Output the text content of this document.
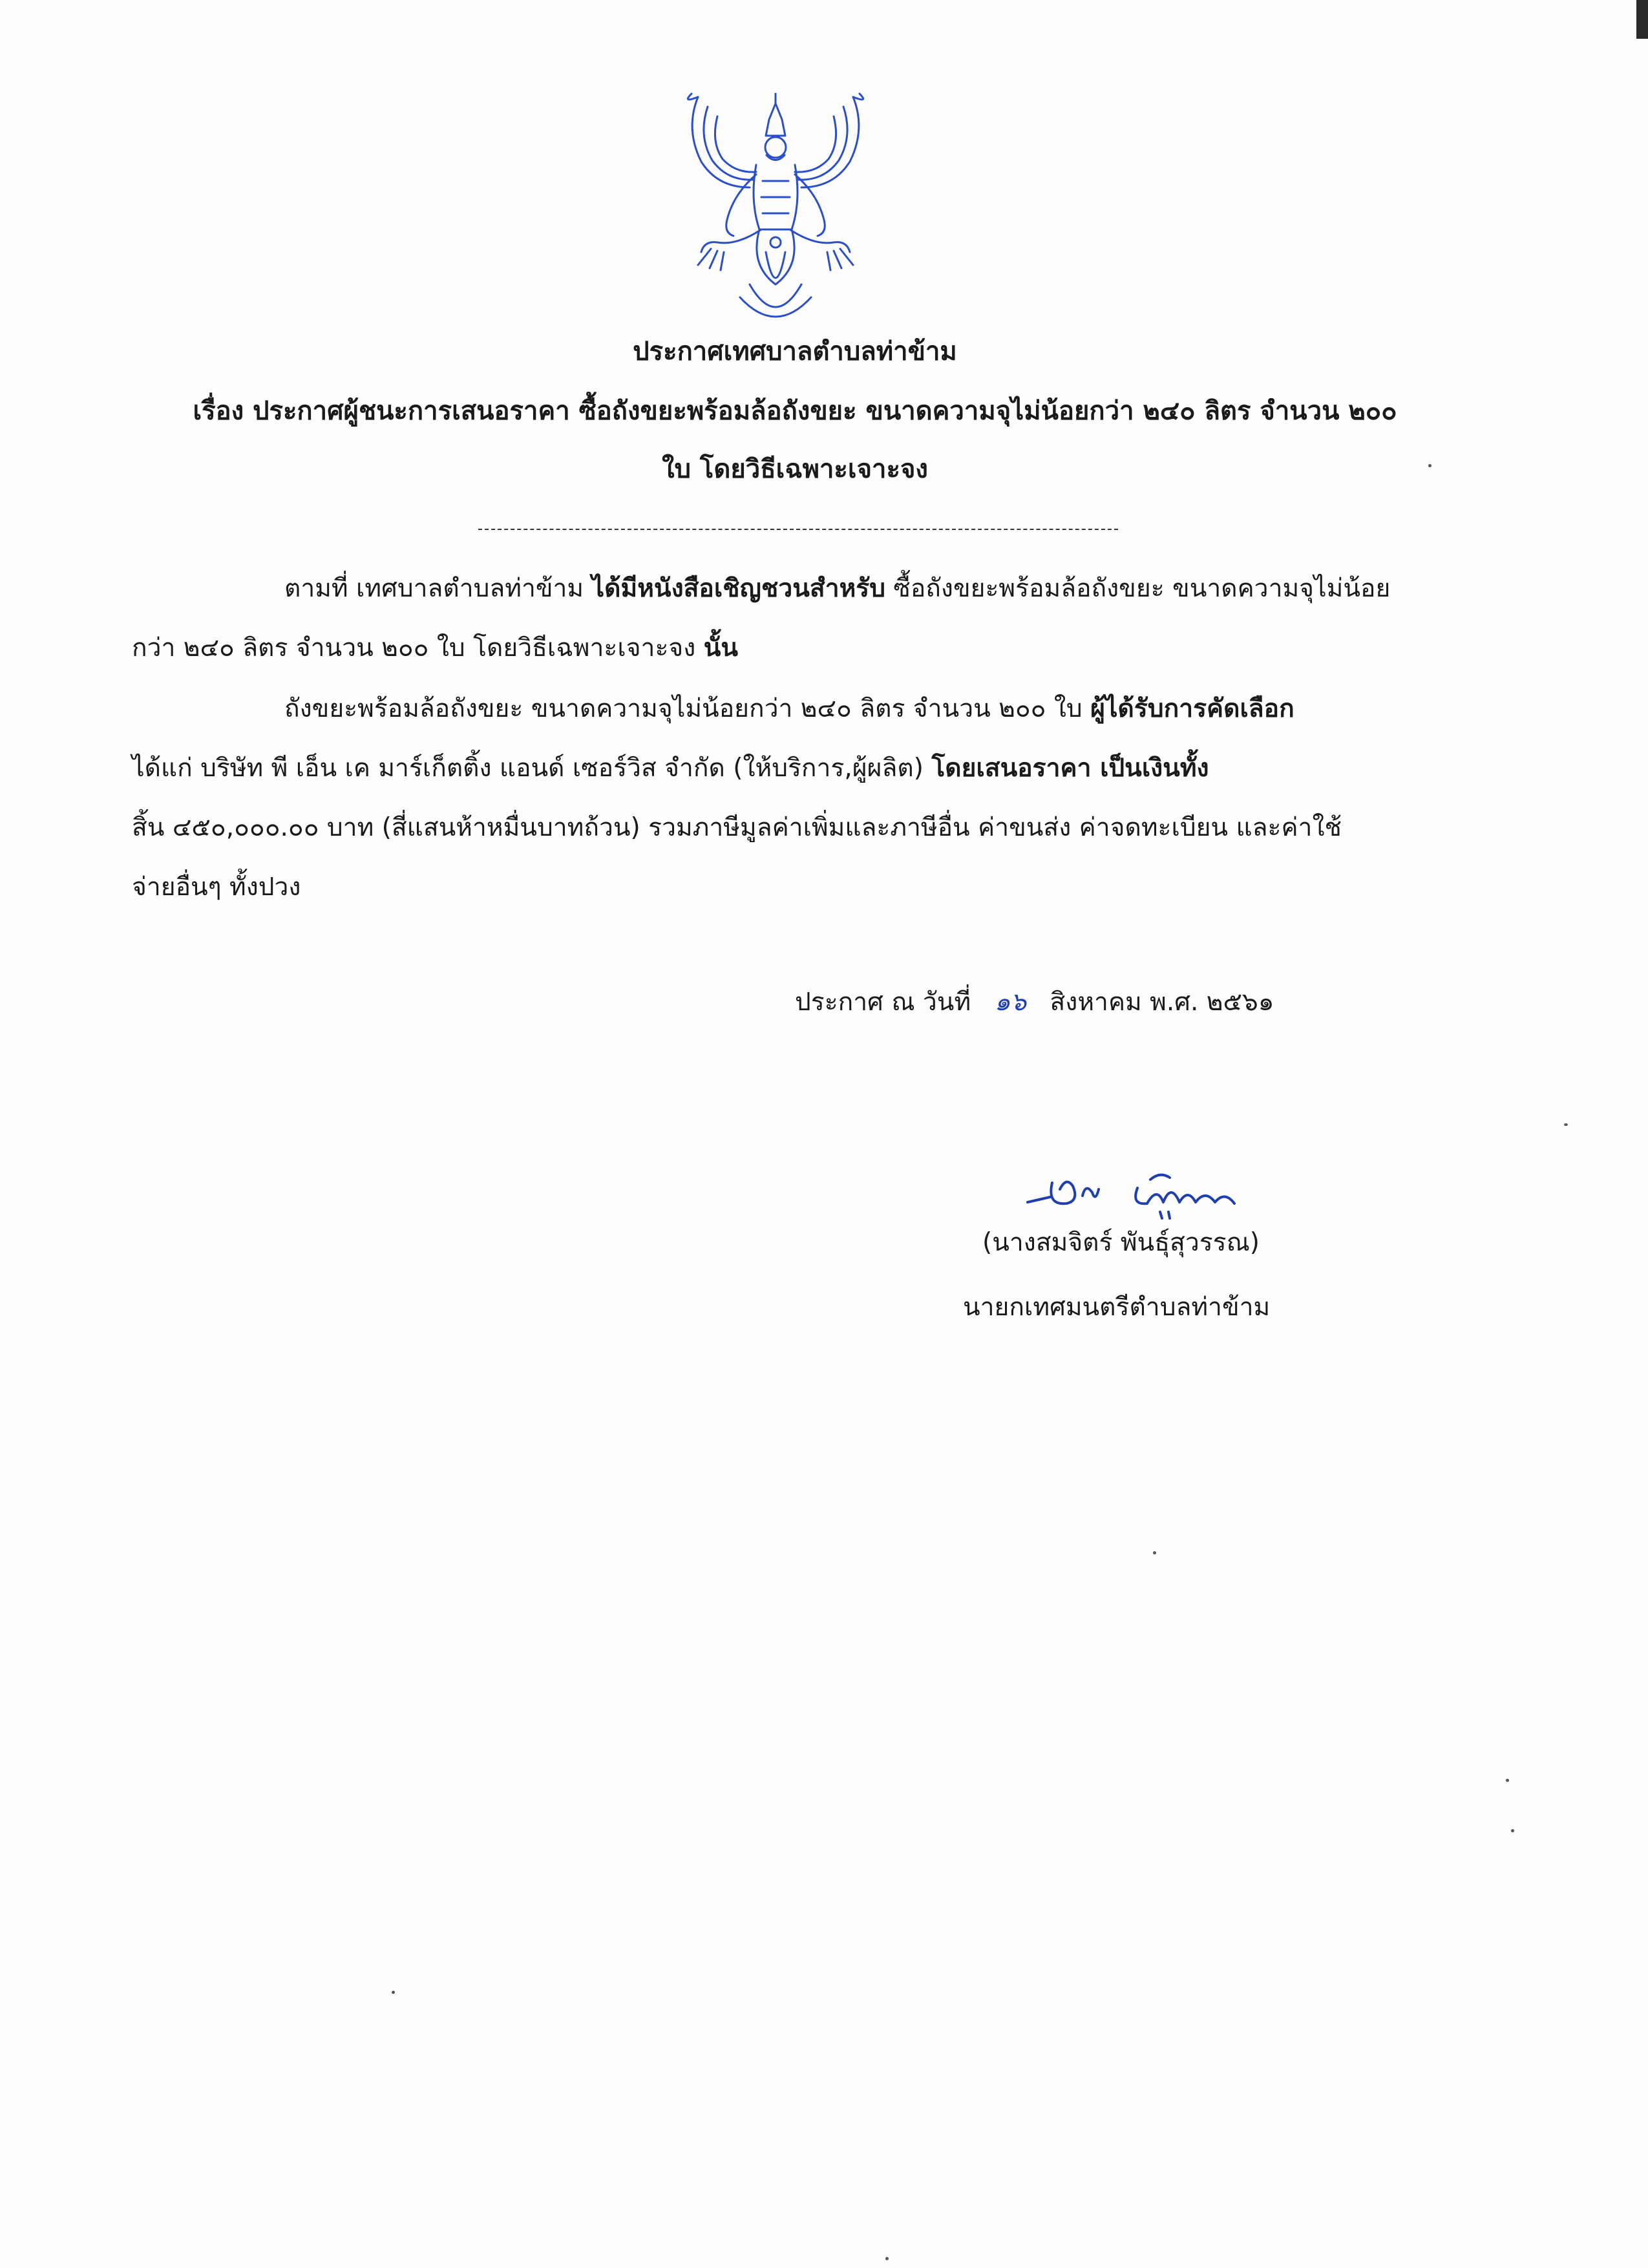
ประกาศเทศบาลตำบลท่าข้าม
เรื่อง ประกาศผู้ชนะการเสนอราคา ซื้อถังขยะพร้อมล้อถังขยะ ขนาดความจุไม่น้อยกว่า ๒๔๐ ลิตร จำนวน ๒๐๐
ใบ โดยวิธีเฉพาะเจาะจง
ตามที่ เทศบาลตำบลท่าข้าม ได้มีหนังสือเชิญชวนสำหรับ ซื้อถังขยะพร้อมล้อถังขยะ ขนาดความจุไม่น้อย
กว่า ๒๔๐ ลิตร จำนวน ๒๐๐ ใบ โดยวิธีเฉพาะเจาะจง นั้น
ถังขยะพร้อมล้อถังขยะ ขนาดความจุไม่น้อยกว่า ๒๔๐ ลิตร จำนวน ๒๐๐ ใบ ผู้ได้รับการคัดเลือก
ได้แก่ บริษัท พี เอ็น เค มาร์เก็ตติ้ง แอนด์ เซอร์วิส จำกัด (ให้บริการ,ผู้ผลิต) โดยเสนอราคา เป็นเงินทั้ง
สิ้น ๔๕๐,๐๐๐.๐๐ บาท (สี่แสนห้าหมื่นบาทถ้วน) รวมภาษีมูลค่าเพิ่มและภาษีอื่น ค่าขนส่ง ค่าจดทะเบียน และค่าใช้
จ่ายอื่นๆ ทั้งปวง
ประกาศ ณ วันที่ ๑๖ สิงหาคม พ.ศ. ๒๕๖๑
(นางสมจิตร์ พันธุ์สุวรรณ)
นายกเทศมนตรีตำบลท่าข้าม
